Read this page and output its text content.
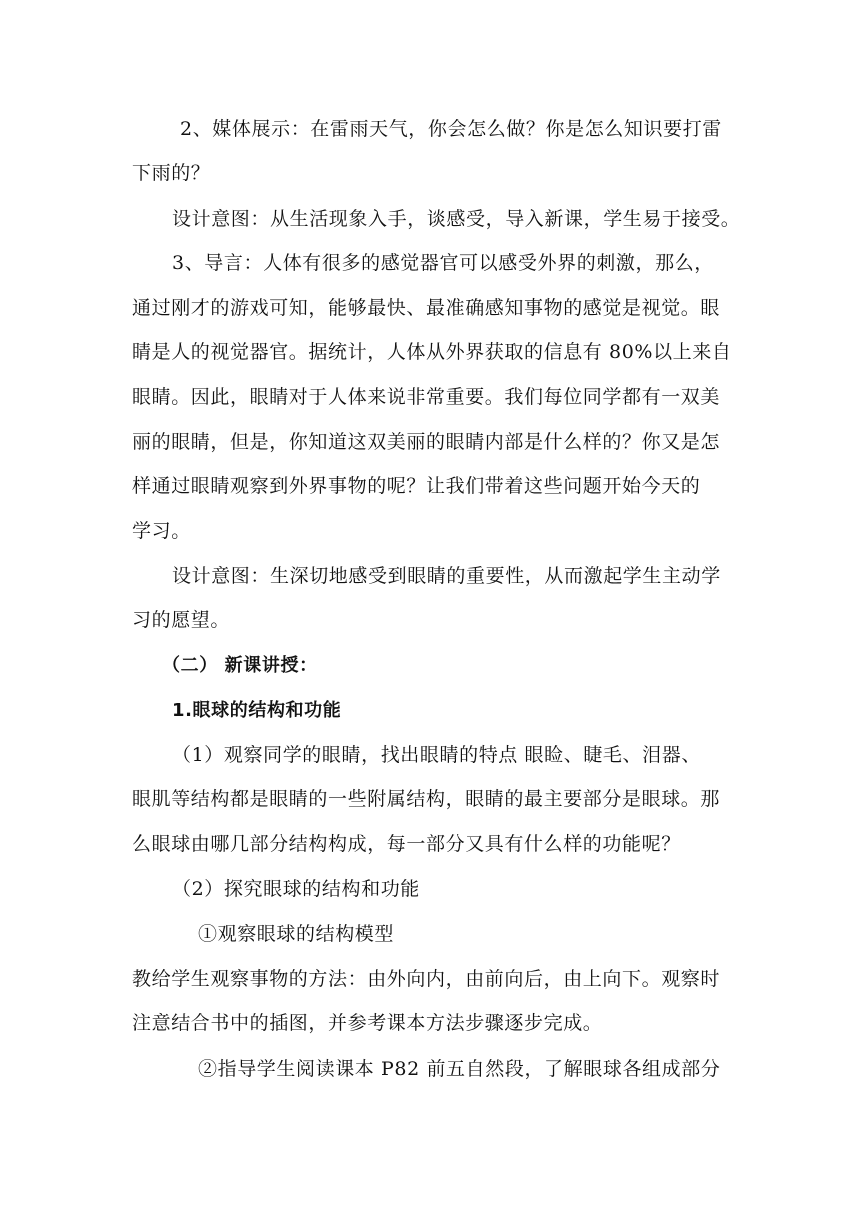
2、媒体展示：在雷雨天气，你会怎么做？你是怎么知识要打雷
下雨的？
设计意图：从生活现象入手，谈感受，导入新课，学生易于接受。
3、导言：人体有很多的感觉器官可以感受外界的刺激，那么，
通过刚才的游戏可知，能够最快、最准确感知事物的感觉是视觉。眼
睛是人的视觉器官。据统计，人体从外界获取的信息有 80%以上来自
眼睛。因此，眼睛对于人体来说非常重要。我们每位同学都有一双美
丽的眼睛，但是，你知道这双美丽的眼睛内部是什么样的？你又是怎
样通过眼睛观察到外界事物的呢？让我们带着这些问题开始今天的
学习。
设计意图：生深切地感受到眼睛的重要性，从而激起学生主动学
习的愿望。
（二） 新课讲授：
1.眼球的结构和功能
（1）观察同学的眼睛，找出眼睛的特点 眼睑、睫毛、泪器、
眼肌等结构都是眼睛的一些附属结构，眼睛的最主要部分是眼球。那
么眼球由哪几部分结构构成，每一部分又具有什么样的功能呢？
（2）探究眼球的结构和功能
①观察眼球的结构模型
教给学生观察事物的方法：由外向内，由前向后，由上向下。观察时
注意结合书中的插图，并参考课本方法步骤逐步完成。
②指导学生阅读课本 P82 前五自然段，了解眼球各组成部分
